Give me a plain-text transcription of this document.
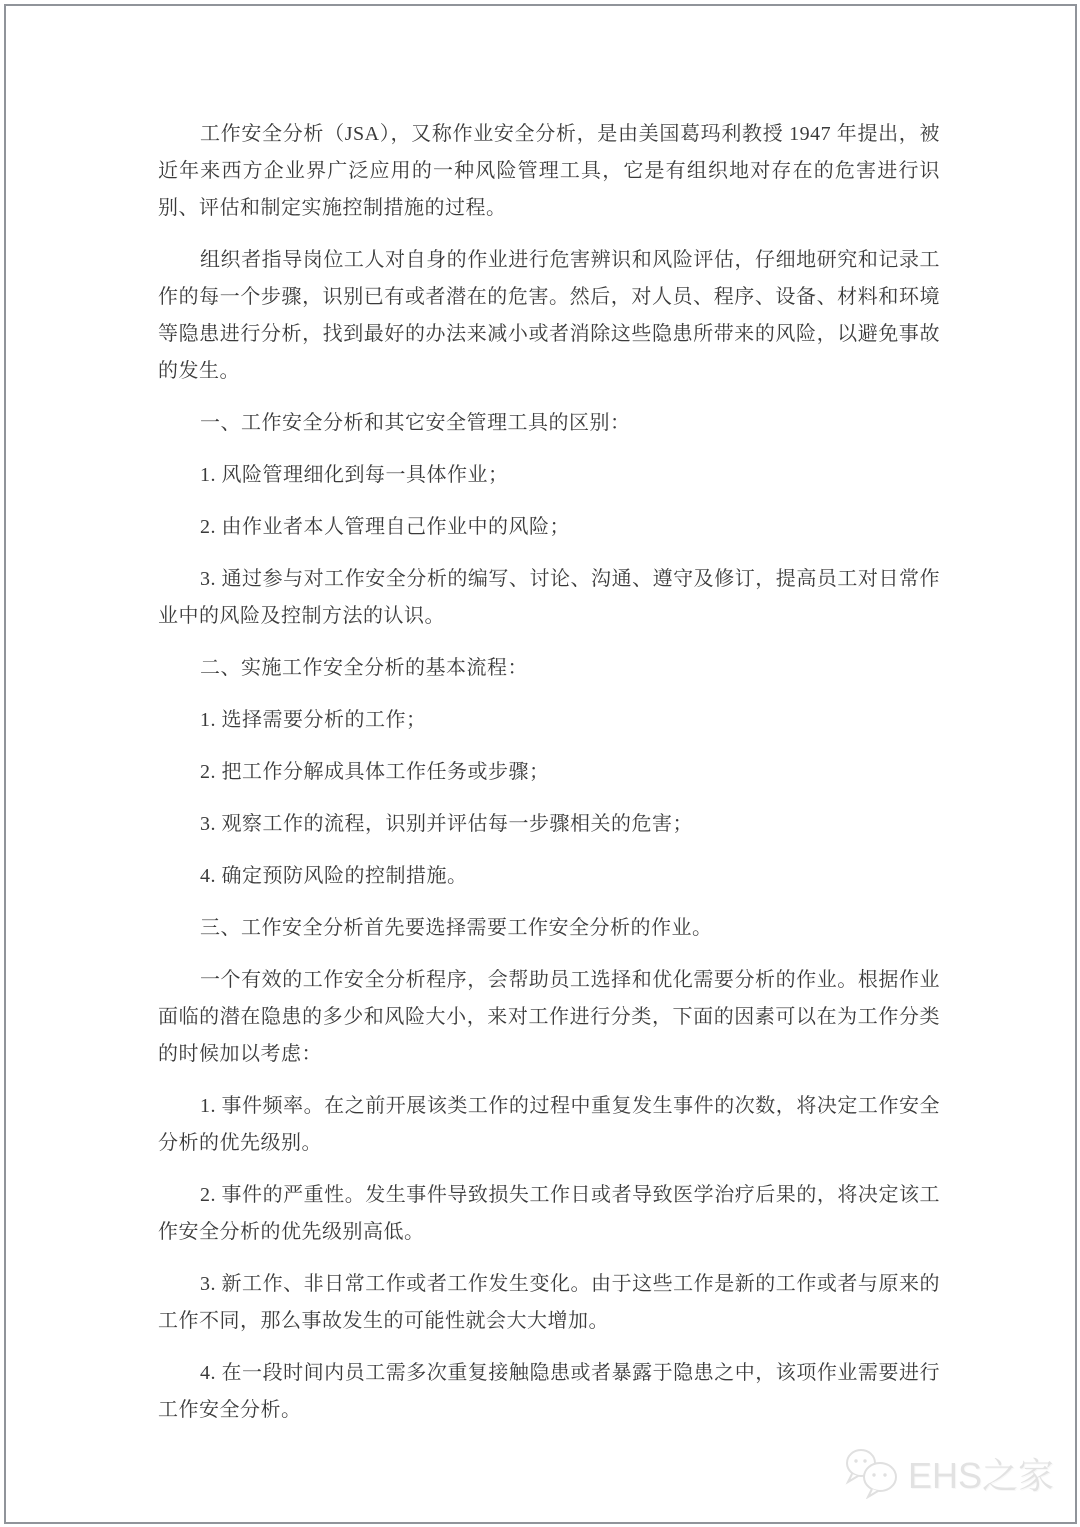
工作安全分析（JSA），又称作业安全分析，是由美国葛玛利教授 1947 年提出，被近年来西方企业界广泛应用的一种风险管理工具，它是有组织地对存在的危害进行识别、评估和制定实施控制措施的过程。

组织者指导岗位工人对自身的作业进行危害辨识和风险评估，仔细地研究和记录工作的每一个步骤，识别已有或者潜在的危害。然后，对人员、程序、设备、材料和环境等隐患进行分析，找到最好的办法来减小或者消除这些隐患所带来的风险，以避免事故的发生。

一、工作安全分析和其它安全管理工具的区别：

1. 风险管理细化到每一具体作业；

2. 由作业者本人管理自己作业中的风险；

3. 通过参与对工作安全分析的编写、讨论、沟通、遵守及修订，提高员工对日常作业中的风险及控制方法的认识。

二、实施工作安全分析的基本流程：

1. 选择需要分析的工作；

2. 把工作分解成具体工作任务或步骤；

3. 观察工作的流程，识别并评估每一步骤相关的危害；

4. 确定预防风险的控制措施。

三、工作安全分析首先要选择需要工作安全分析的作业。

一个有效的工作安全分析程序，会帮助员工选择和优化需要分析的作业。根据作业面临的潜在隐患的多少和风险大小，来对工作进行分类，下面的因素可以在为工作分类的时候加以考虑：

1. 事件频率。在之前开展该类工作的过程中重复发生事件的次数，将决定工作安全分析的优先级别。

2. 事件的严重性。发生事件导致损失工作日或者导致医学治疗后果的，将决定该工作安全分析的优先级别高低。

3. 新工作、非日常工作或者工作发生变化。由于这些工作是新的工作或者与原来的工作不同，那么事故发生的可能性就会大大增加。

4. 在一段时间内员工需多次重复接触隐患或者暴露于隐患之中，该项作业需要进行工作安全分析。

EHS之家
